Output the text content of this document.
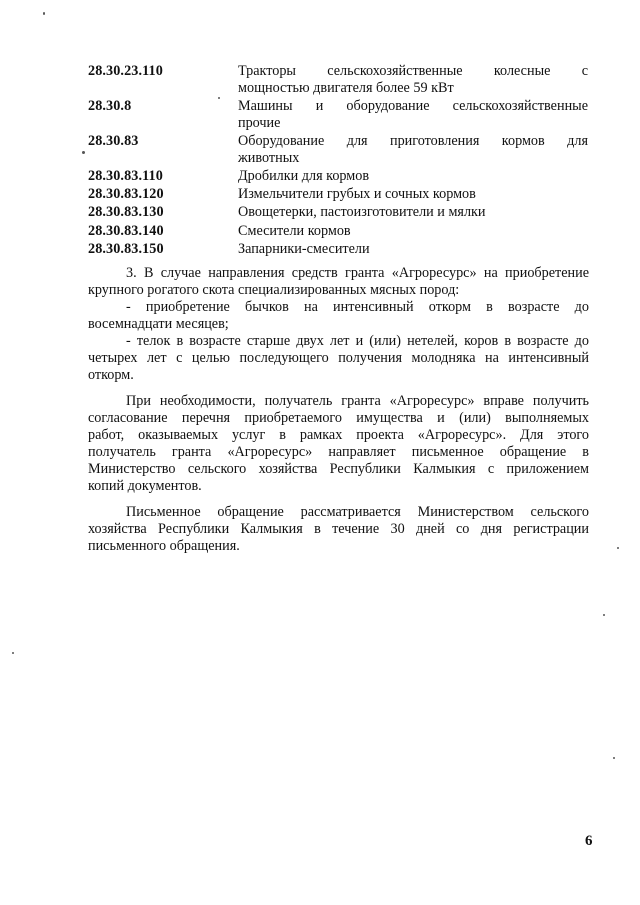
28.30.23.110	Тракторы сельскохозяйственные колесные с
мощностью двигателя более 59 кВт
28.30.8	Машины и оборудование сельскохозяйственные
прочие
28.30.83	Оборудование для приготовления кормов для
животных
28.30.83.110	Дробилки для кормов
28.30.83.120	Измельчители грубых и сочных кормов
28.30.83.130	Овощетерки, пастоизготовители и мялки
28.30.83.140	Смесители кормов
28.30.83.150	Запарники-смесители

3. В случае направления средств гранта «Агроресурс» на приобретение
крупного рогатого скота специализированных мясных пород:

- приобретение бычков на интенсивный откорм в возрасте до
восемнадцати месяцев;

- телок в возрасте старше двух лет и (или) нетелей, коров в возрасте до
четырех лет с целью последующего получения молодняка на интенсивный
откорм.

При необходимости, получатель гранта «Агроресурс» вправе получить
согласование перечня приобретаемого имущества и (или) выполняемых
работ, оказываемых услуг в рамках проекта «Агроресурс». Для этого
получатель гранта «Агроресурс» направляет письменное обращение в
Министерство сельского хозяйства Республики Калмыкия с приложением
копий документов.

Письменное обращение рассматривается Министерством сельского
хозяйства Республики Калмыкия в течение 30 дней со дня регистрации
письменного обращения.

6
